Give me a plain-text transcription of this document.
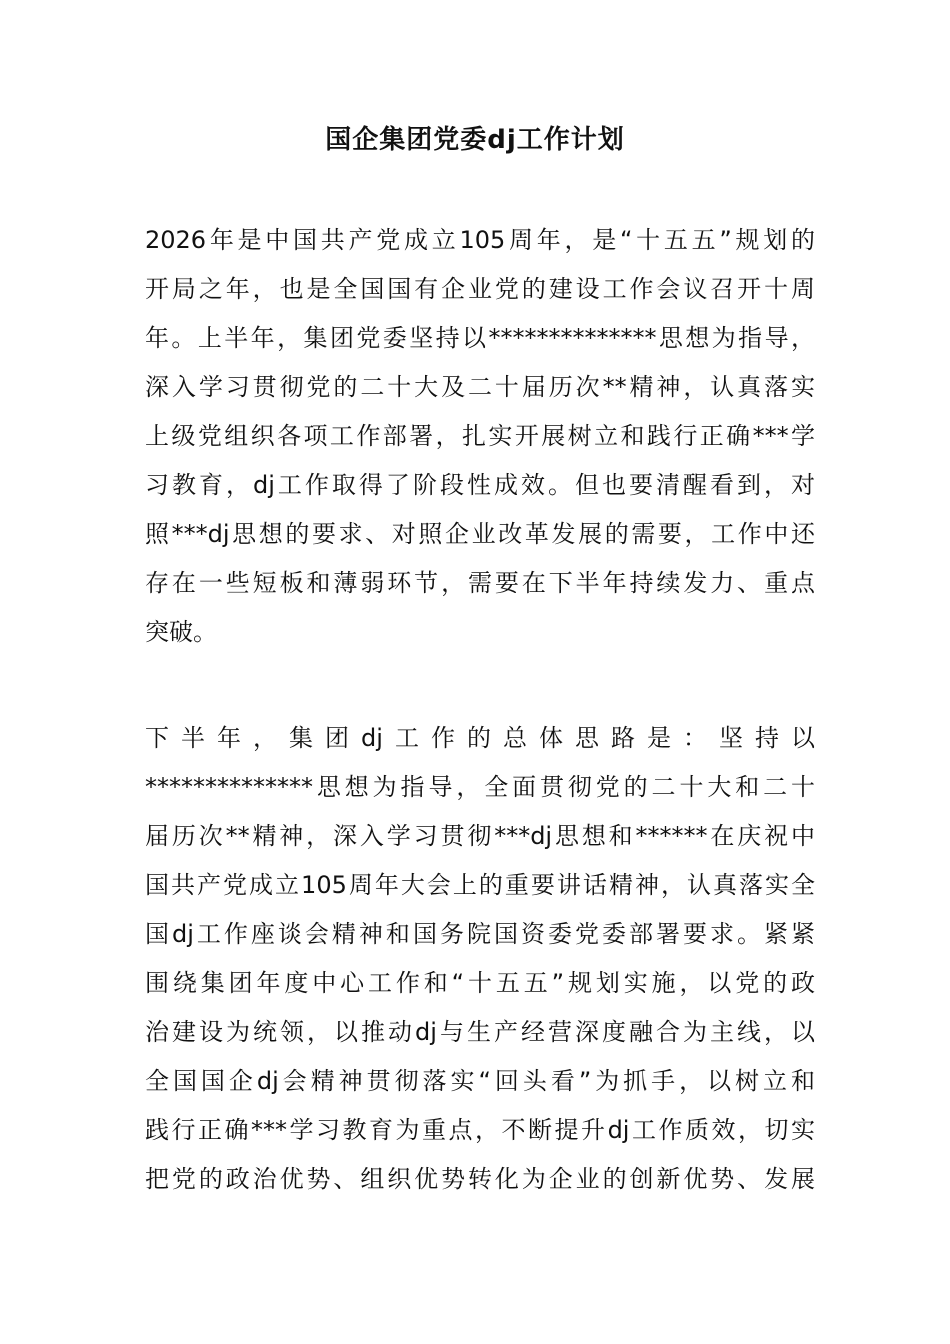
国企集团党委dj工作计划
2026年是中国共产党成立105周年，是“十五五”规划的
开局之年，也是全国国有企业党的建设工作会议召开十周
年。上半年，集团党委坚持以**************思想为指导，
深入学习贯彻党的二十大及二十届历次**精神，认真落实
上级党组织各项工作部署，扎实开展树立和践行正确***学
习教育，dj工作取得了阶段性成效。但也要清醒看到，对
照***dj思想的要求、对照企业改革发展的需要，工作中还
存在一些短板和薄弱环节，需要在下半年持续发力、重点
突破。
下半年，集团dj工作的总体思路是：坚持以
**************思想为指导，全面贯彻党的二十大和二十
届历次**精神，深入学习贯彻***dj思想和******在庆祝中
国共产党成立105周年大会上的重要讲话精神，认真落实全
国dj工作座谈会精神和国务院国资委党委部署要求。紧紧
围绕集团年度中心工作和“十五五”规划实施，以党的政
治建设为统领，以推动dj与生产经营深度融合为主线，以
全国国企dj会精神贯彻落实“回头看”为抓手，以树立和
践行正确***学习教育为重点，不断提升dj工作质效，切实
把党的政治优势、组织优势转化为企业的创新优势、发展
